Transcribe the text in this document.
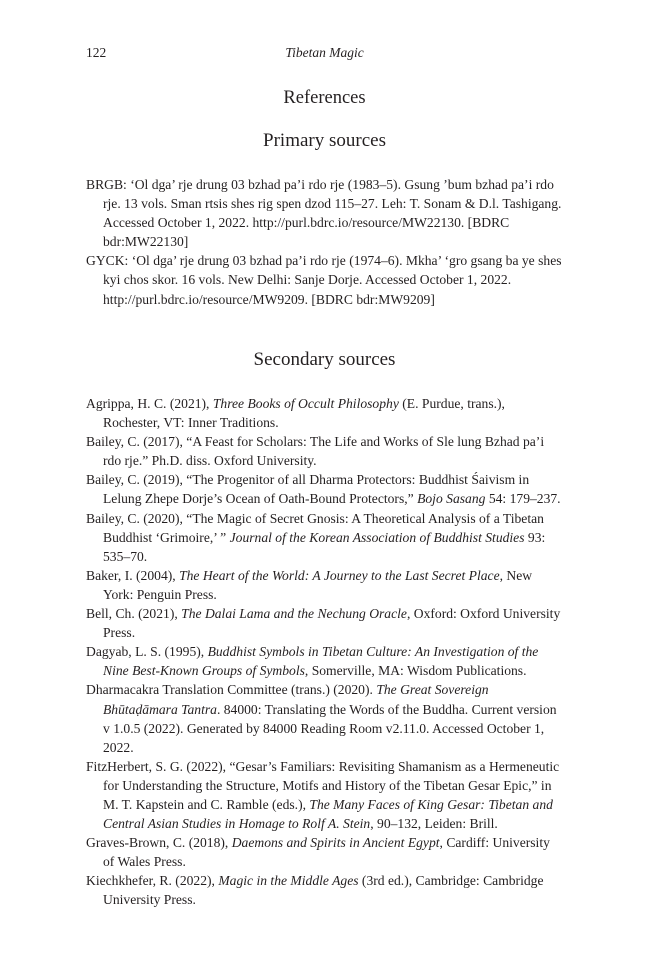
122	Tibetan Magic
References
Primary sources
BRGB: ‘Ol dga’ rje drung 03 bzhad pa’i rdo rje (1983–5). Gsung ’bum bzhad pa’i rdo rje. 13 vols. Sman rtsis shes rig spen dzod 115–27. Leh: T. Sonam & D.l. Tashigang. Accessed October 1, 2022. http://purl.bdrc.io/resource/MW22130. [BDRC bdr:MW22130]
GYCK: ‘Ol dga’ rje drung 03 bzhad pa’i rdo rje (1974–6). Mkha’ ‘gro gsang ba ye shes kyi chos skor. 16 vols. New Delhi: Sanje Dorje. Accessed October 1, 2022. http://purl.bdrc.io/resource/MW9209. [BDRC bdr:MW9209]
Secondary sources
Agrippa, H. C. (2021), Three Books of Occult Philosophy (E. Purdue, trans.), Rochester, VT: Inner Traditions.
Bailey, C. (2017), “A Feast for Scholars: The Life and Works of Sle lung Bzhad pa’i rdo rje.” Ph.D. diss. Oxford University.
Bailey, C. (2019), “The Progenitor of all Dharma Protectors: Buddhist Śaivism in Lelung Zhepe Dorje’s Ocean of Oath-Bound Protectors,” Bojo Sasang 54: 179–237.
Bailey, C. (2020), “The Magic of Secret Gnosis: A Theoretical Analysis of a Tibetan Buddhist ‘Grimoire,’ ” Journal of the Korean Association of Buddhist Studies 93: 535–70.
Baker, I. (2004), The Heart of the World: A Journey to the Last Secret Place, New York: Penguin Press.
Bell, Ch. (2021), The Dalai Lama and the Nechung Oracle, Oxford: Oxford University Press.
Dagyab, L. S. (1995), Buddhist Symbols in Tibetan Culture: An Investigation of the Nine Best-Known Groups of Symbols, Somerville, MA: Wisdom Publications.
Dharmacakra Translation Committee (trans.) (2020). The Great Sovereign Bhūtaḍāmara Tantra. 84000: Translating the Words of the Buddha. Current version v 1.0.5 (2022). Generated by 84000 Reading Room v2.11.0. Accessed October 1, 2022.
FitzHerbert, S. G. (2022), “Gesar’s Familiars: Revisiting Shamanism as a Hermeneutic for Understanding the Structure, Motifs and History of the Tibetan Gesar Epic,” in M. T. Kapstein and C. Ramble (eds.), The Many Faces of King Gesar: Tibetan and Central Asian Studies in Homage to Rolf A. Stein, 90–132, Leiden: Brill.
Graves-Brown, C. (2018), Daemons and Spirits in Ancient Egypt, Cardiff: University of Wales Press.
Kiechkhefer, R. (2022), Magic in the Middle Ages (3rd ed.), Cambridge: Cambridge University Press.
